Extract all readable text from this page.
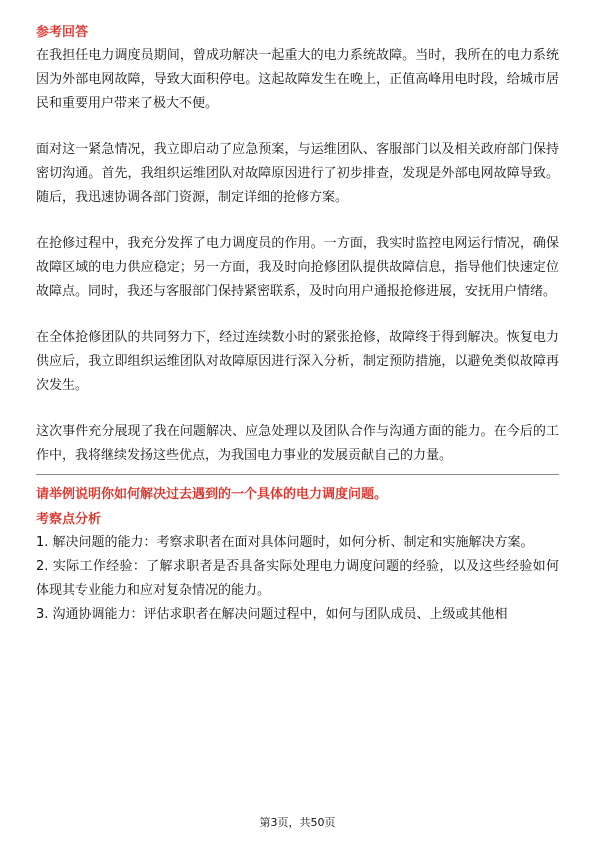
参考回答

在我担任电力调度员期间，曾成功解决一起重大的电力系统故障。当时，我所在的电力系统因为外部电网故障，导致大面积停电。这起故障发生在晚上，正值高峰用电时段，给城市居民和重要用户带来了极大不便。

面对这一紧急情况，我立即启动了应急预案，与运维团队、客服部门以及相关政府部门保持密切沟通。首先，我组织运维团队对故障原因进行了初步排查，发现是外部电网故障导致。随后，我迅速协调各部门资源，制定详细的抢修方案。

在抢修过程中，我充分发挥了电力调度员的作用。一方面，我实时监控电网运行情况，确保故障区域的电力供应稳定；另一方面，我及时向抢修团队提供故障信息，指导他们快速定位故障点。同时，我还与客服部门保持紧密联系，及时向用户通报抢修进展，安抚用户情绪。

在全体抢修团队的共同努力下，经过连续数小时的紧张抢修，故障终于得到解决。恢复电力供应后，我立即组织运维团队对故障原因进行深入分析，制定预防措施，以避免类似故障再次发生。

这次事件充分展现了我在问题解决、应急处理以及团队合作与沟通方面的能力。在今后的工作中，我将继续发扬这些优点，为我国电力事业的发展贡献自己的力量。

请举例说明你如何解决过去遇到的一个具体的电力调度问题。

考察点分析

1. 解决问题的能力：考察求职者在面对具体问题时，如何分析、制定和实施解决方案。

2. 实际工作经验：了解求职者是否具备实际处理电力调度问题的经验，以及这些经验如何体现其专业能力和应对复杂情况的能力。

3. 沟通协调能力：评估求职者在解决问题过程中，如何与团队成员、上级或其他相

第3页，共50页
